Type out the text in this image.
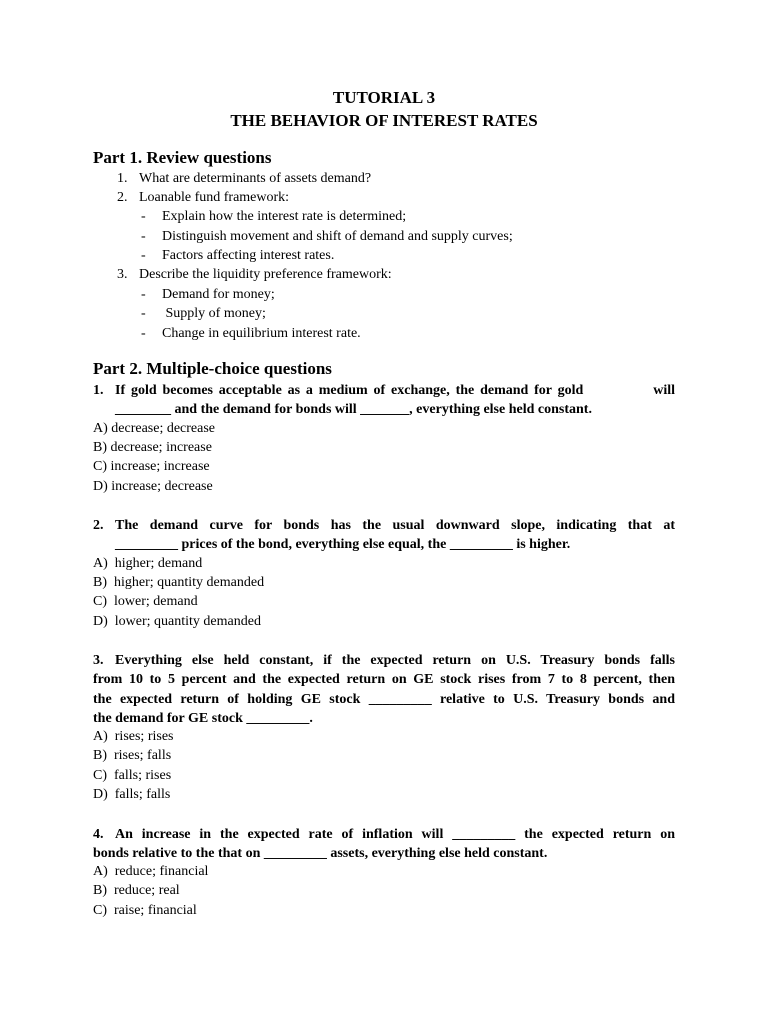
TUTORIAL 3
THE BEHAVIOR OF INTEREST RATES
Part 1. Review questions
1. What are determinants of assets demand?
2. Loanable fund framework:
- Explain how the interest rate is determined;
- Distinguish movement and shift of demand and supply curves;
- Factors affecting interest rates.
3. Describe the liquidity preference framework:
- Demand for money;
- Supply of money;
- Change in equilibrium interest rate.
Part 2. Multiple-choice questions
1. If gold becomes acceptable as a medium of exchange, the demand for gold            will
________ and the demand for bonds will _______, everything else held constant.
A) decrease; decrease
B) decrease; increase
C) increase; increase
D) increase; decrease
2. The demand curve for bonds has the usual downward slope, indicating that at
_________ prices of the bond, everything else equal, the _________ is higher.
A)  higher; demand
B)  higher; quantity demanded
C)  lower; demand
D)  lower; quantity demanded
3. Everything else held constant, if the expected return on U.S. Treasury bonds falls
from 10 to 5 percent and the expected return on GE stock rises from 7 to 8 percent, then
the expected return of holding GE stock _________ relative to U.S. Treasury bonds and
the demand for GE stock _________.
A)  rises; rises
B)  rises; falls
C)  falls; rises
D)  falls; falls
4. An increase in the expected rate of inflation will _________ the expected return on
bonds relative to the that on _________ assets, everything else held constant.
A)  reduce; financial
B)  reduce; real
C)  raise; financial
